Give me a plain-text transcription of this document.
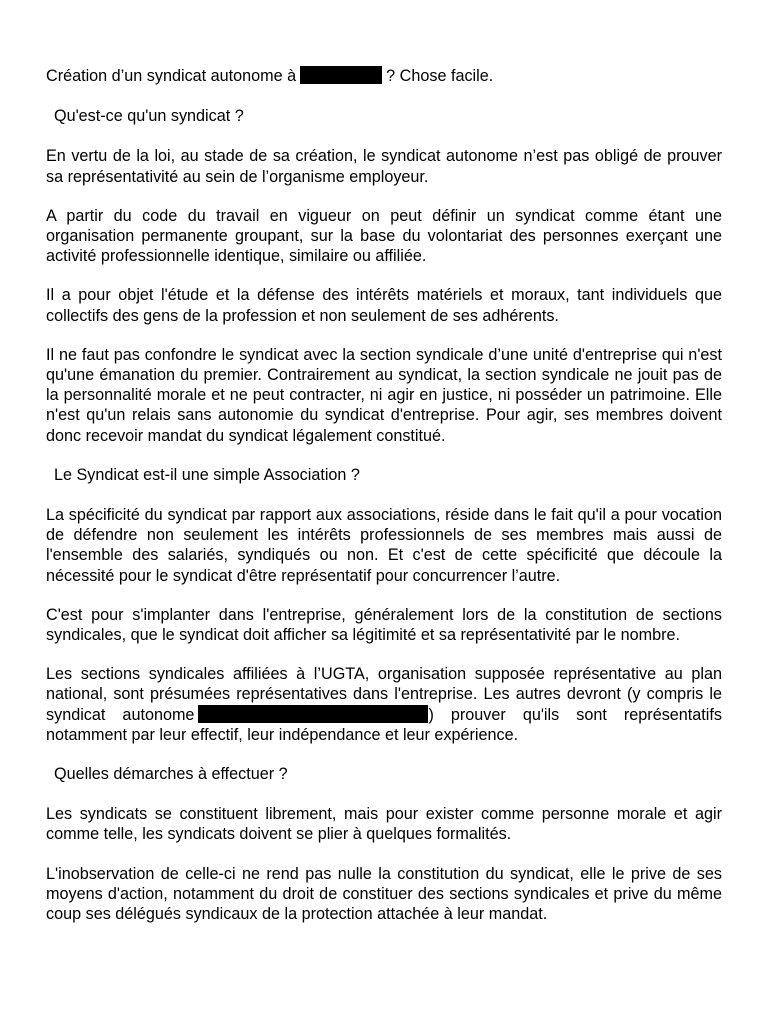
Création d’un syndicat autonome à	? Chose facile.

Qu'est-ce qu'un syndicat ?

En vertu de la loi, au stade de sa création, le syndicat autonome n’est pas obligé de prouver sa représentativité au sein de l’organisme employeur.

A partir du code du travail en vigueur on peut définir un syndicat comme étant une organisation permanente groupant, sur la base du volontariat des personnes exerçant une activité professionnelle identique, similaire ou affiliée.

Il a pour objet l'étude et la défense des intérêts matériels et moraux, tant individuels que collectifs des gens de la profession et non seulement de ses adhérents.

Il ne faut pas confondre le syndicat avec la section syndicale d’une unité d'entreprise qui n'est qu'une émanation du premier. Contrairement au syndicat, la section syndicale ne jouit pas de la personnalité morale et ne peut contracter, ni agir en justice, ni posséder un patrimoine. Elle n'est qu'un relais sans autonomie du syndicat d'entreprise. Pour agir, ses membres doivent donc recevoir mandat du syndicat légalement constitué.

Le Syndicat est-il une simple Association ?

La spécificité du syndicat par rapport aux associations, réside dans le fait qu'il a pour vocation de défendre non seulement les intérêts professionnels de ses membres mais aussi de l'ensemble des salariés, syndiqués ou non. Et c'est de cette spécificité que découle la nécessité pour le syndicat d'être représentatif pour concurrencer l’autre.

C'est pour s'implanter dans l'entreprise, généralement lors de la constitution de sections syndicales, que le syndicat doit afficher sa légitimité et sa représentativité par le nombre.

Les sections syndicales affiliées à l’UGTA, organisation supposée représentative au plan national, sont présumées représentatives dans l'entreprise. Les autres devront (y compris le syndicat autonome	) prouver qu'ils sont représentatifs notamment par leur effectif, leur indépendance et leur expérience.

Quelles démarches à effectuer ?

Les syndicats se constituent librement, mais pour exister comme personne morale et agir comme telle, les syndicats doivent se plier à quelques formalités.

L'inobservation de celle-ci ne rend pas nulle la constitution du syndicat, elle le prive de ses moyens d'action, notamment du droit de constituer des sections syndicales et prive du même coup ses délégués syndicaux de la protection attachée à leur mandat.
